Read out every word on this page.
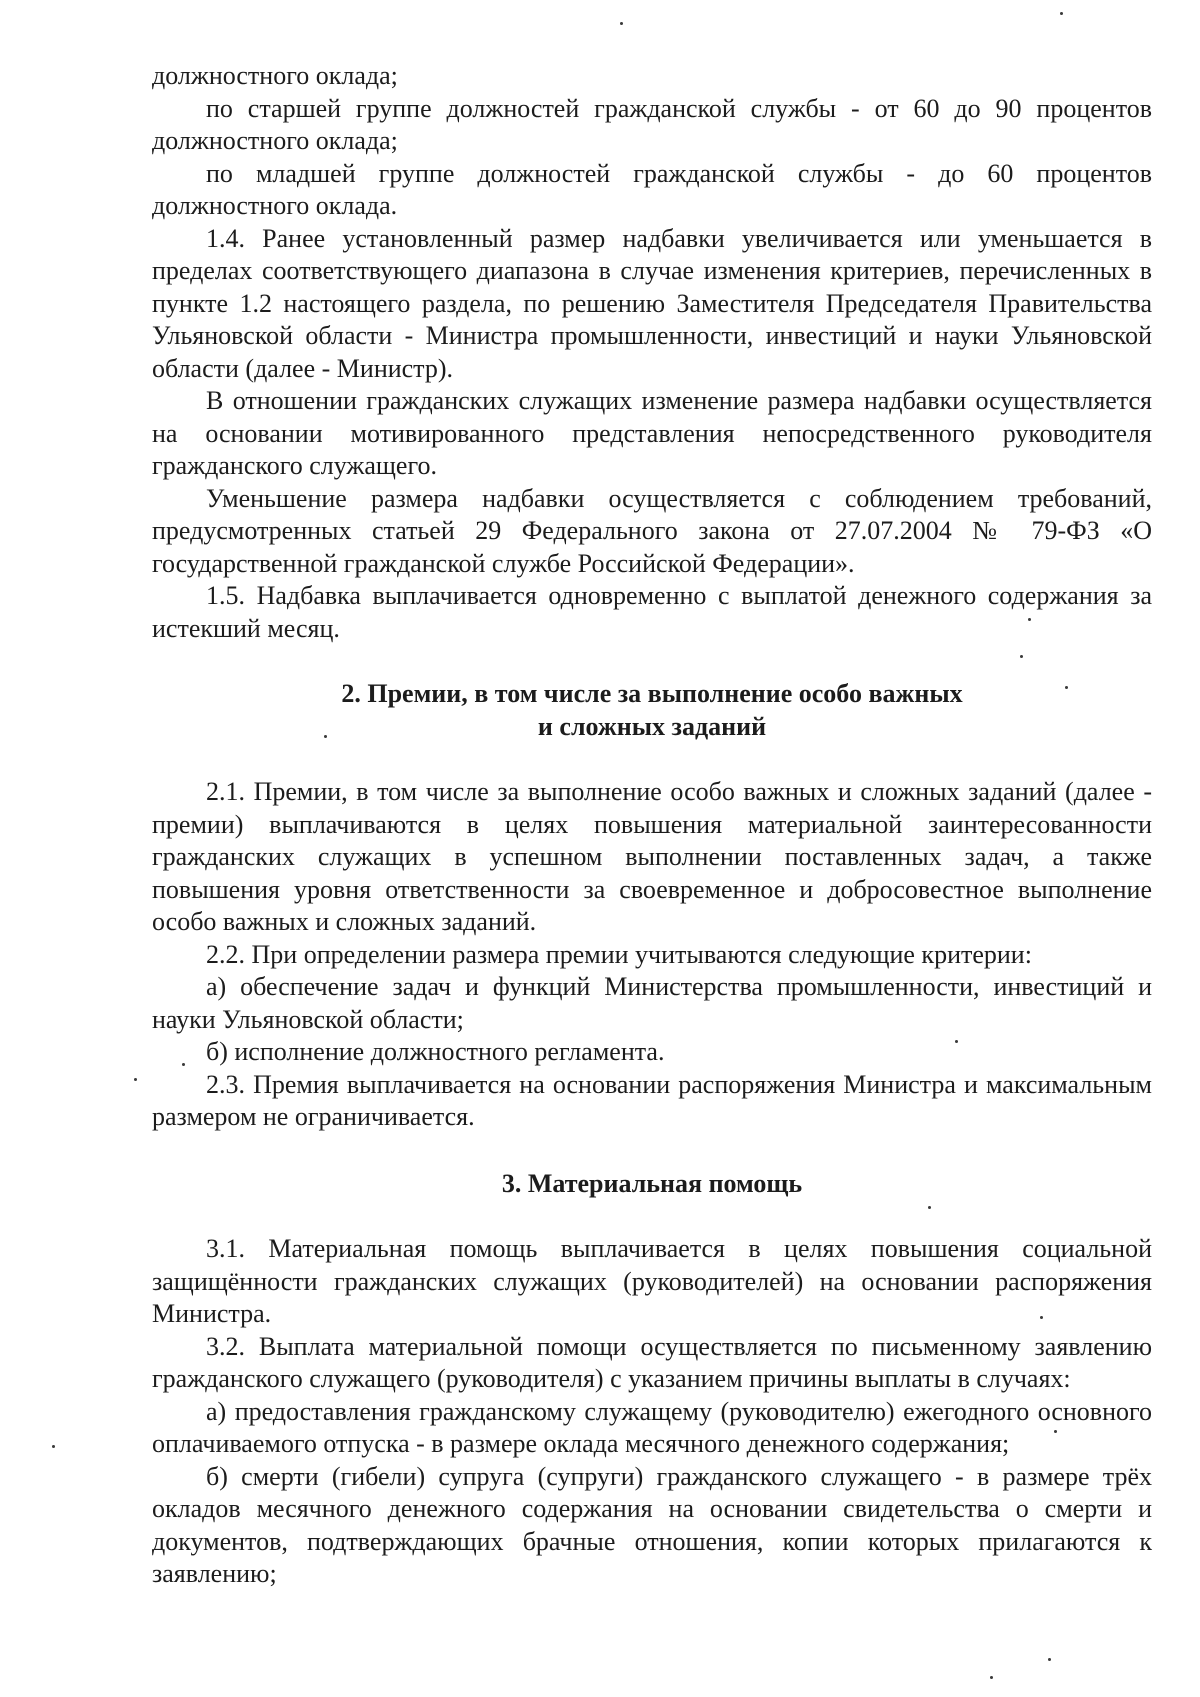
должностного оклада;

по старшей группе должностей гражданской службы - от 60 до 90 процентов должностного оклада;

по младшей группе должностей гражданской службы - до 60 процентов должностного оклада.

1.4. Ранее установленный размер надбавки увеличивается или уменьшается в пределах соответствующего диапазона в случае изменения критериев, перечисленных в пункте 1.2 настоящего раздела, по решению Заместителя Председателя Правительства Ульяновской области - Министра промышленности, инвестиций и науки Ульяновской области (далее - Министр).

В отношении гражданских служащих изменение размера надбавки осуществляется на основании мотивированного представления непосредственного руководителя гражданского служащего.

Уменьшение размера надбавки осуществляется с соблюдением требований, предусмотренных статьей 29 Федерального закона от 27.07.2004 № 79-ФЗ «О государственной гражданской службе Российской Федерации».

1.5. Надбавка выплачивается одновременно с выплатой денежного содержания за истекший месяц.

2. Премии, в том числе за выполнение особо важных
и сложных заданий

2.1. Премии, в том числе за выполнение особо важных и сложных заданий (далее - премии) выплачиваются в целях повышения материальной заинтересованности гражданских служащих в успешном выполнении поставленных задач, а также повышения уровня ответственности за своевременное и добросовестное выполнение особо важных и сложных заданий.

2.2. При определении размера премии учитываются следующие критерии:

а) обеспечение задач и функций Министерства промышленности, инвестиций и науки Ульяновской области;

б) исполнение должностного регламента.

2.3. Премия выплачивается на основании распоряжения Министра и максимальным размером не ограничивается.

3. Материальная помощь

3.1. Материальная помощь выплачивается в целях повышения социальной защищённости гражданских служащих (руководителей) на основании распоряжения Министра.

3.2. Выплата материальной помощи осуществляется по письменному заявлению гражданского служащего (руководителя) с указанием причины выплаты в случаях:

а) предоставления гражданскому служащему (руководителю) ежегодного основного оплачиваемого отпуска - в размере оклада месячного денежного содержания;

б) смерти (гибели) супруга (супруги) гражданского служащего - в размере трёх окладов месячного денежного содержания на основании свидетельства о смерти и документов, подтверждающих брачные отношения, копии которых прилагаются к заявлению;
